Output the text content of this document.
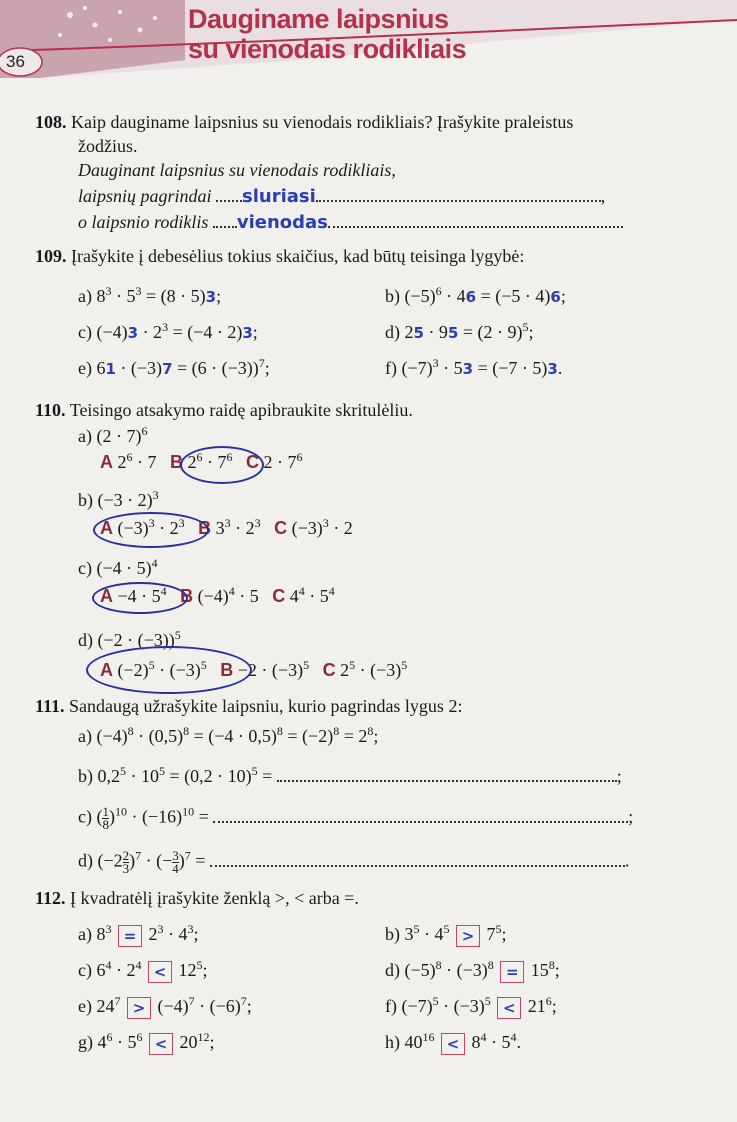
Dauginame laipsnius
su vienodais rodikliais
36
108. Kaip dauginame laipsnius su vienodais rodikliais? Įrašykite praleistus
žodžius.
Dauginant laipsnius su vienodais rodikliais,
laipsnių pagrindai sluriasi	,
o laipsnio rodiklis vienodas
109. Įrašykite į debesėlius tokius skaičius, kad būtų teisinga lygybė:
a) $8^3 \cdot 5^3 = (8 \cdot 5)3$;	b) $(-5)^6 \cdot 46 = (-5 \cdot 4)6$;
c) $(-4)3 \cdot 2^3 = (-4 \cdot 2)3$;	d) $25 \cdot 95 = (2 \cdot 9)^5$;
e) $61 \cdot (-3)7 = (6 \cdot (-3))^7$;	f) $(-7)^3 \cdot 53 = (-7 \cdot 5)3$.
110. Teisingo atsakymo raidę apibraukite skritulėliu.
a) $(2 \cdot 7)^6$
A $2^6 \cdot 7$   B $2^6 \cdot 7^6$ C $2 \cdot 7^6$
b) $(-3 \cdot 2)^3$
A $(-3)^3 \cdot 2^3$ B $3^3 \cdot 2^3$ C $(-3)^3 \cdot 2$
c) $(-4 \cdot 5)^4$
$A -4 \cdot 5^4$ B $(-4)^4 \cdot 5$   C $4^4 \cdot 5^4$
d) $(-2 \cdot (-3))^5$
A $(-2)^5 \cdot (-3)^5$ $B -2 \cdot (-3)^5$ C $2^5 \cdot (-3)^5$
111. Sandaugą užrašykite laipsniu, kurio pagrindas lygus 2:
a) $(-4)^8 \cdot (0,5)^8 = (-4 \cdot 0,5)^8 = (-2)^8 = 2^8$;
b) $0,2^5 \cdot 10^5 = (0,2 \cdot 10)^5$ =	;
c) ( $\frac{1}{8} )^{10} \cdot (-16)^{10}$ =	;
d) $(-2 \frac{2}{3} )^7$ · (− $\frac{3}{4} )^7$ =	.
112. Į kvadratėlį įrašykite ženklą >, < arba =.
a) $8^3 = 2^3 \cdot 4^3$;	b) $3^5 \cdot 4^5 > 7^5$;
c) $6^4 \cdot 2^4 < 12^5$;	d) $(-5)^8 \cdot (-3)^8 = 15^8$;
e) $24^7 > (-4)^7 \cdot (-6)^7$;	f) $(-7)^5 \cdot (-3)^5 < 21^6$;
g) $4^6 \cdot 5^6 < 20^{12}$;	h) $40^{16} < 8^4 \cdot 5^4$.
